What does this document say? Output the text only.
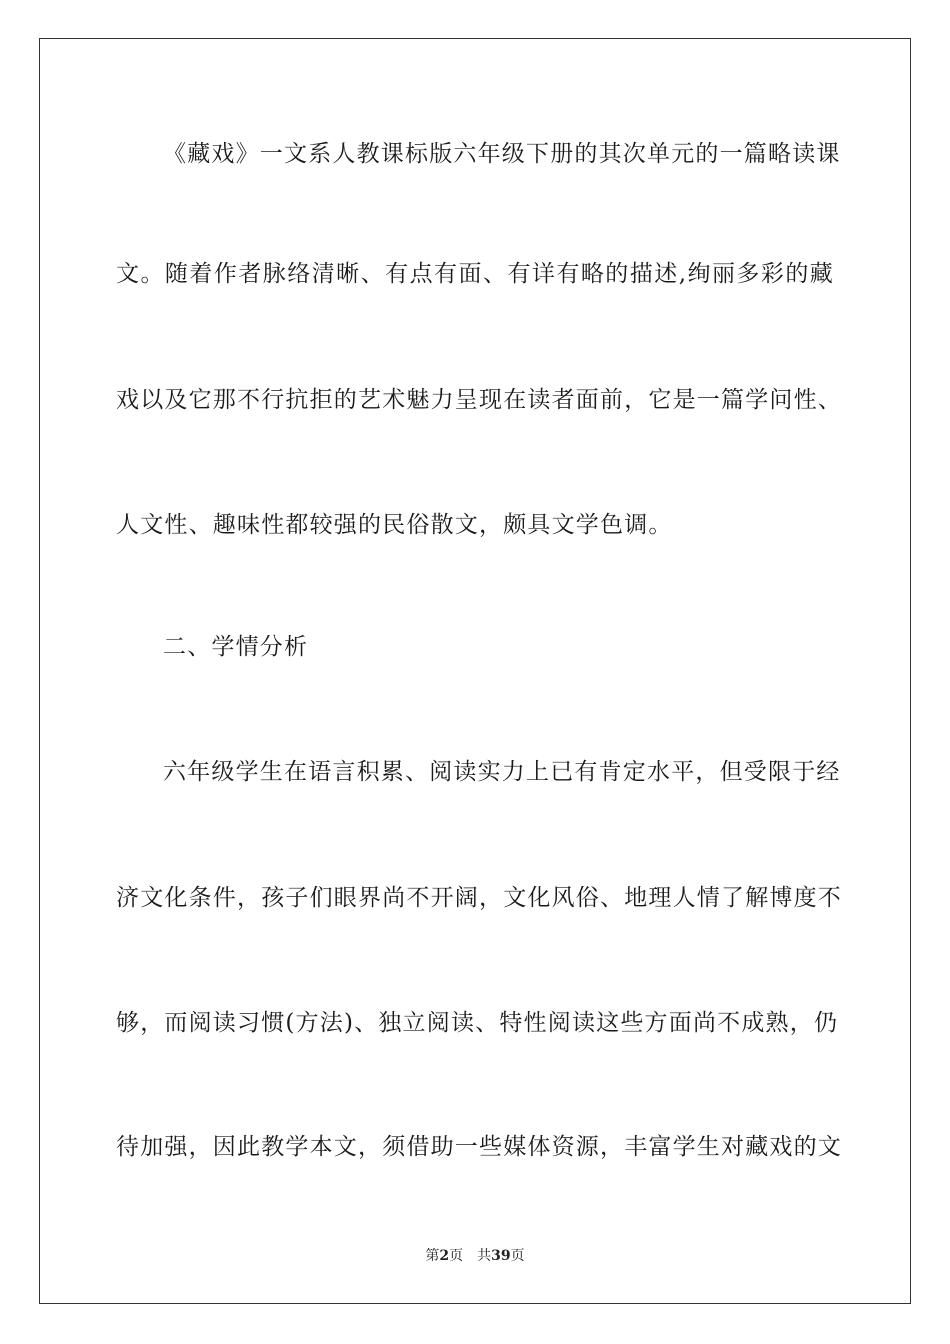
《藏戏》一文系人教课标版六年级下册的其次单元的一篇略读课
文。随着作者脉络清晰、有点有面、有详有略的描述,绚丽多彩的藏
戏以及它那不行抗拒的艺术魅力呈现在读者面前，它是一篇学问性、
人文性、趣味性都较强的民俗散文，颇具文学色调。
二、学情分析
六年级学生在语言积累、阅读实力上已有肯定水平，但受限于经
济文化条件，孩子们眼界尚不开阔，文化风俗、地理人情了解博度不
够，而阅读习惯(方法)、独立阅读、特性阅读这些方面尚不成熟，仍
待加强，因此教学本文，须借助一些媒体资源，丰富学生对藏戏的文
第2页 共39页
